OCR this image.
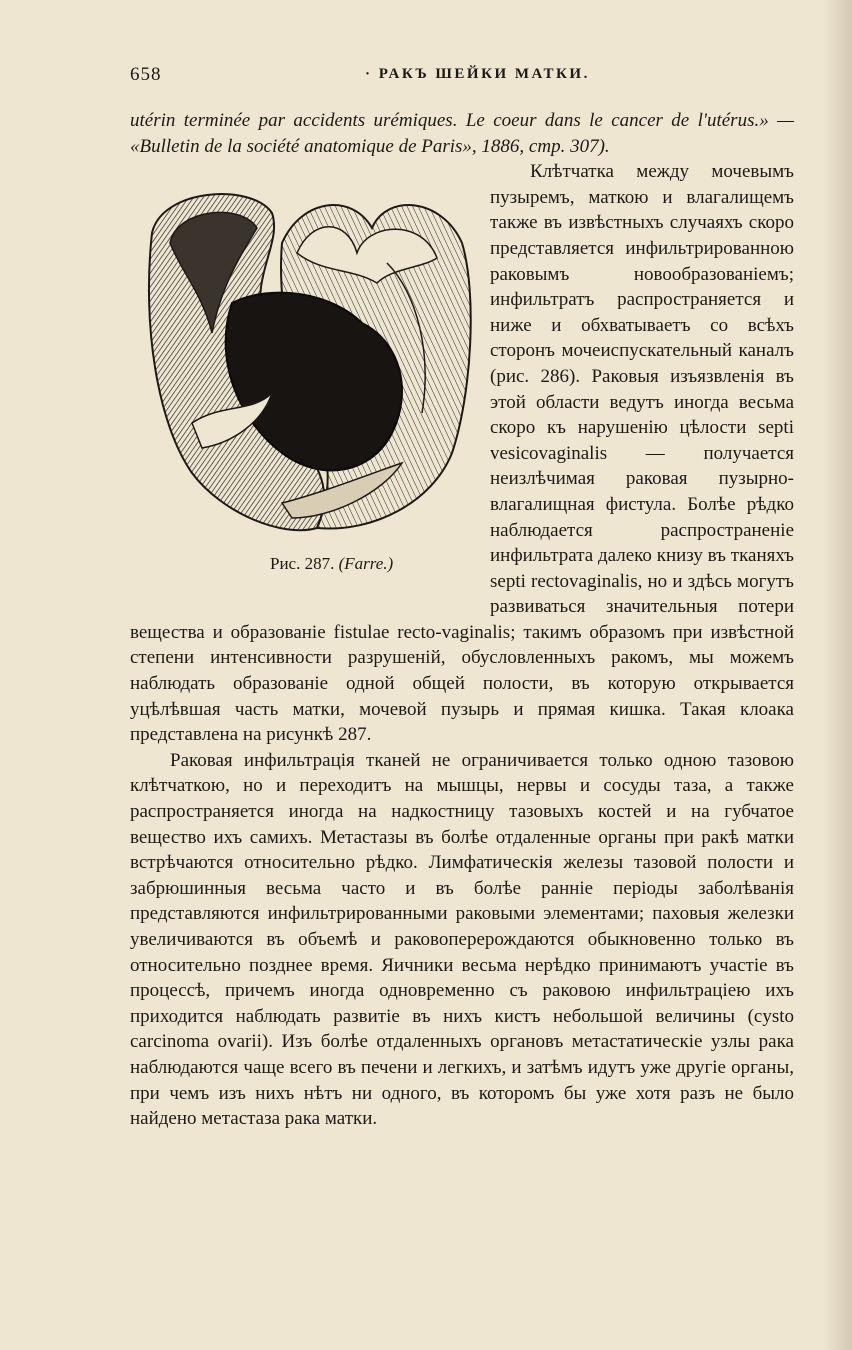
658	· РАКЪ ШЕЙКИ МАТКИ.

utérin terminée par accidents urémiques. Le coeur dans le cancer de l'utérus.» — «Bulletin de la société anatomique de Paris», 1886, стр. 307).

Рис. 287. (Farre.)

Клѣтчатка между мочевымъ пузыремъ, маткою и влагалищемъ также въ извѣстныхъ случаяхъ скоро представляется инфильтрированною раковымъ новообразованіемъ; инфильтратъ распространяется и ниже и обхватываетъ со всѣхъ сторонъ мочеиспускательный каналъ (рис. 286). Раковыя изъязвленія въ этой области ведутъ иногда весьма скоро къ нарушенію цѣлости septi vesicovaginalis — получается неизлѣчимая раковая пузырно-влагалищная фистула. Болѣе рѣдко наблюдается распространеніе инфильтрата далеко книзу въ тканяхъ septi rectovaginalis, но и здѣсь могутъ развиваться значительныя потери вещества и образованіе fistulae recto-vaginalis; такимъ образомъ при извѣстной степени интенсивности разрушеній, обусловленныхъ ракомъ, мы можемъ наблюдать образованіе одной общей полости, въ которую открывается уцѣлѣвшая часть матки, мочевой пузырь и прямая кишка. Такая клоака представлена на рисункѣ 287.

Раковая инфильтрація тканей не ограничивается только одною тазовою клѣтчаткою, но и переходитъ на мышцы, нервы и сосуды таза, а также распространяется иногда на надкостницу тазовыхъ костей и на губчатое вещество ихъ самихъ. Метастазы въ болѣе отдаленные органы при ракѣ матки встрѣчаются относительно рѣдко. Лимфатическія железы тазовой полости и забрюшинныя весьма часто и въ болѣе ранніе періоды заболѣванія представляются инфильтрированными раковыми элементами; паховыя железки увеличиваются въ объемѣ и раковоперерождаются обыкновенно только въ относительно позднее время. Яичники весьма нерѣдко принимаютъ участіе въ процессѣ, причемъ иногда одновременно съ раковою инфильтраціею ихъ приходится наблюдать развитіе въ нихъ кистъ небольшой величины (cysto carcinoma ovarii). Изъ болѣе отдаленныхъ органовъ метастатическіе узлы рака наблюдаются чаще всего въ печени и легкихъ, и затѣмъ идутъ уже другіе органы, при чемъ изъ нихъ нѣтъ ни одного, въ которомъ бы уже хотя разъ не было найдено метастаза рака матки.
